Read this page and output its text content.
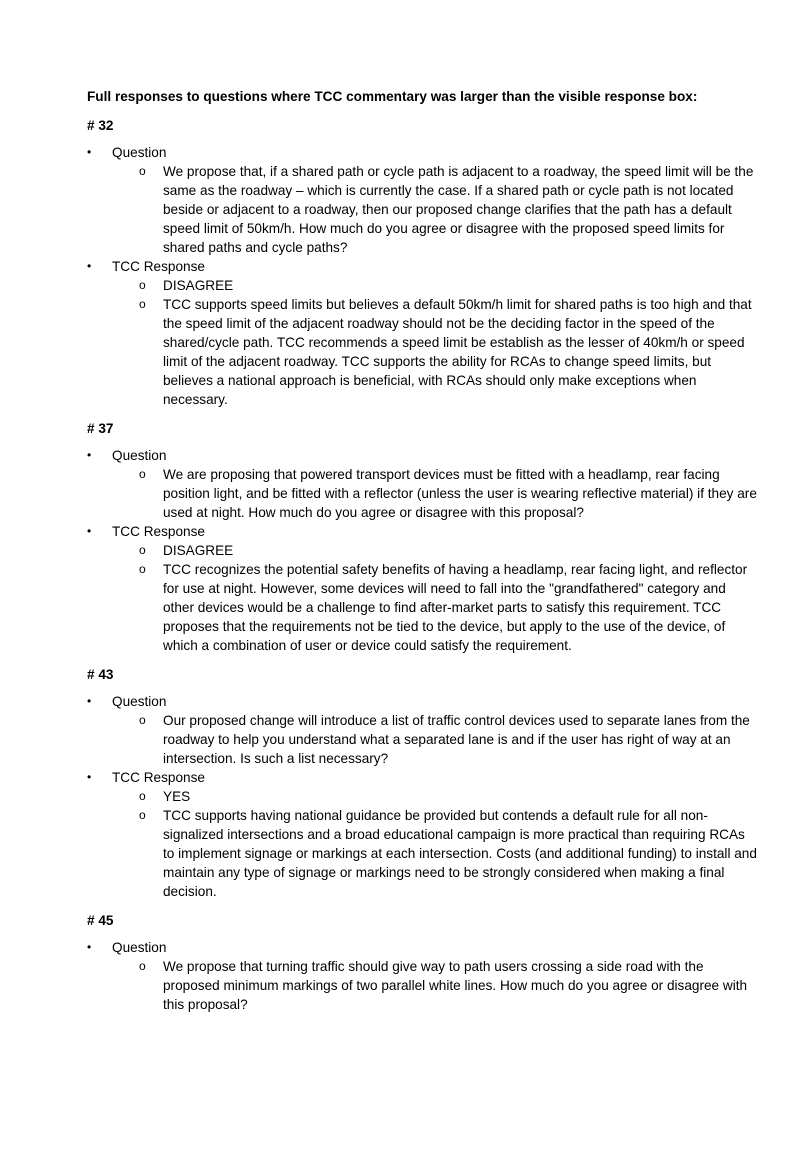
Full responses to questions where TCC commentary was larger than the visible response box:
# 32
•	Question
o	We propose that, if a shared path or cycle path is adjacent to a roadway, the speed limit will be the same as the roadway – which is currently the case. If a shared path or cycle path is not located beside or adjacent to a roadway, then our proposed change clarifies that the path has a default speed limit of 50km/h. How much do you agree or disagree with the proposed speed limits for shared paths and cycle paths?
•	TCC Response
o	DISAGREE
o	TCC supports speed limits but believes a default 50km/h limit for shared paths is too high and that the speed limit of the adjacent roadway should not be the deciding factor in the speed of the shared/cycle path. TCC recommends a speed limit be establish as the lesser of 40km/h or speed limit of the adjacent roadway. TCC supports the ability for RCAs to change speed limits, but believes a national approach is beneficial, with RCAs should only make exceptions when necessary.
# 37
•	Question
o	We are proposing that powered transport devices must be fitted with a headlamp, rear facing position light, and be fitted with a reflector (unless the user is wearing reflective material) if they are used at night. How much do you agree or disagree with this proposal?
•	TCC Response
o	DISAGREE
o	TCC recognizes the potential safety benefits of having a headlamp, rear facing light, and reflector for use at night. However, some devices will need to fall into the "grandfathered" category and other devices would be a challenge to find after-market parts to satisfy this requirement. TCC proposes that the requirements not be tied to the device, but apply to the use of the device, of which a combination of user or device could satisfy the requirement.
# 43
•	Question
o	Our proposed change will introduce a list of traffic control devices used to separate lanes from the roadway to help you understand what a separated lane is and if the user has right of way at an intersection. Is such a list necessary?
•	TCC Response
o	YES
o	TCC supports having national guidance be provided but contends a default rule for all non-signalized intersections and a broad educational campaign is more practical than requiring RCAs to implement signage or markings at each intersection. Costs (and additional funding) to install and maintain any type of signage or markings need to be strongly considered when making a final decision.
# 45
•	Question
o	We propose that turning traffic should give way to path users crossing a side road with the proposed minimum markings of two parallel white lines. How much do you agree or disagree with this proposal?
